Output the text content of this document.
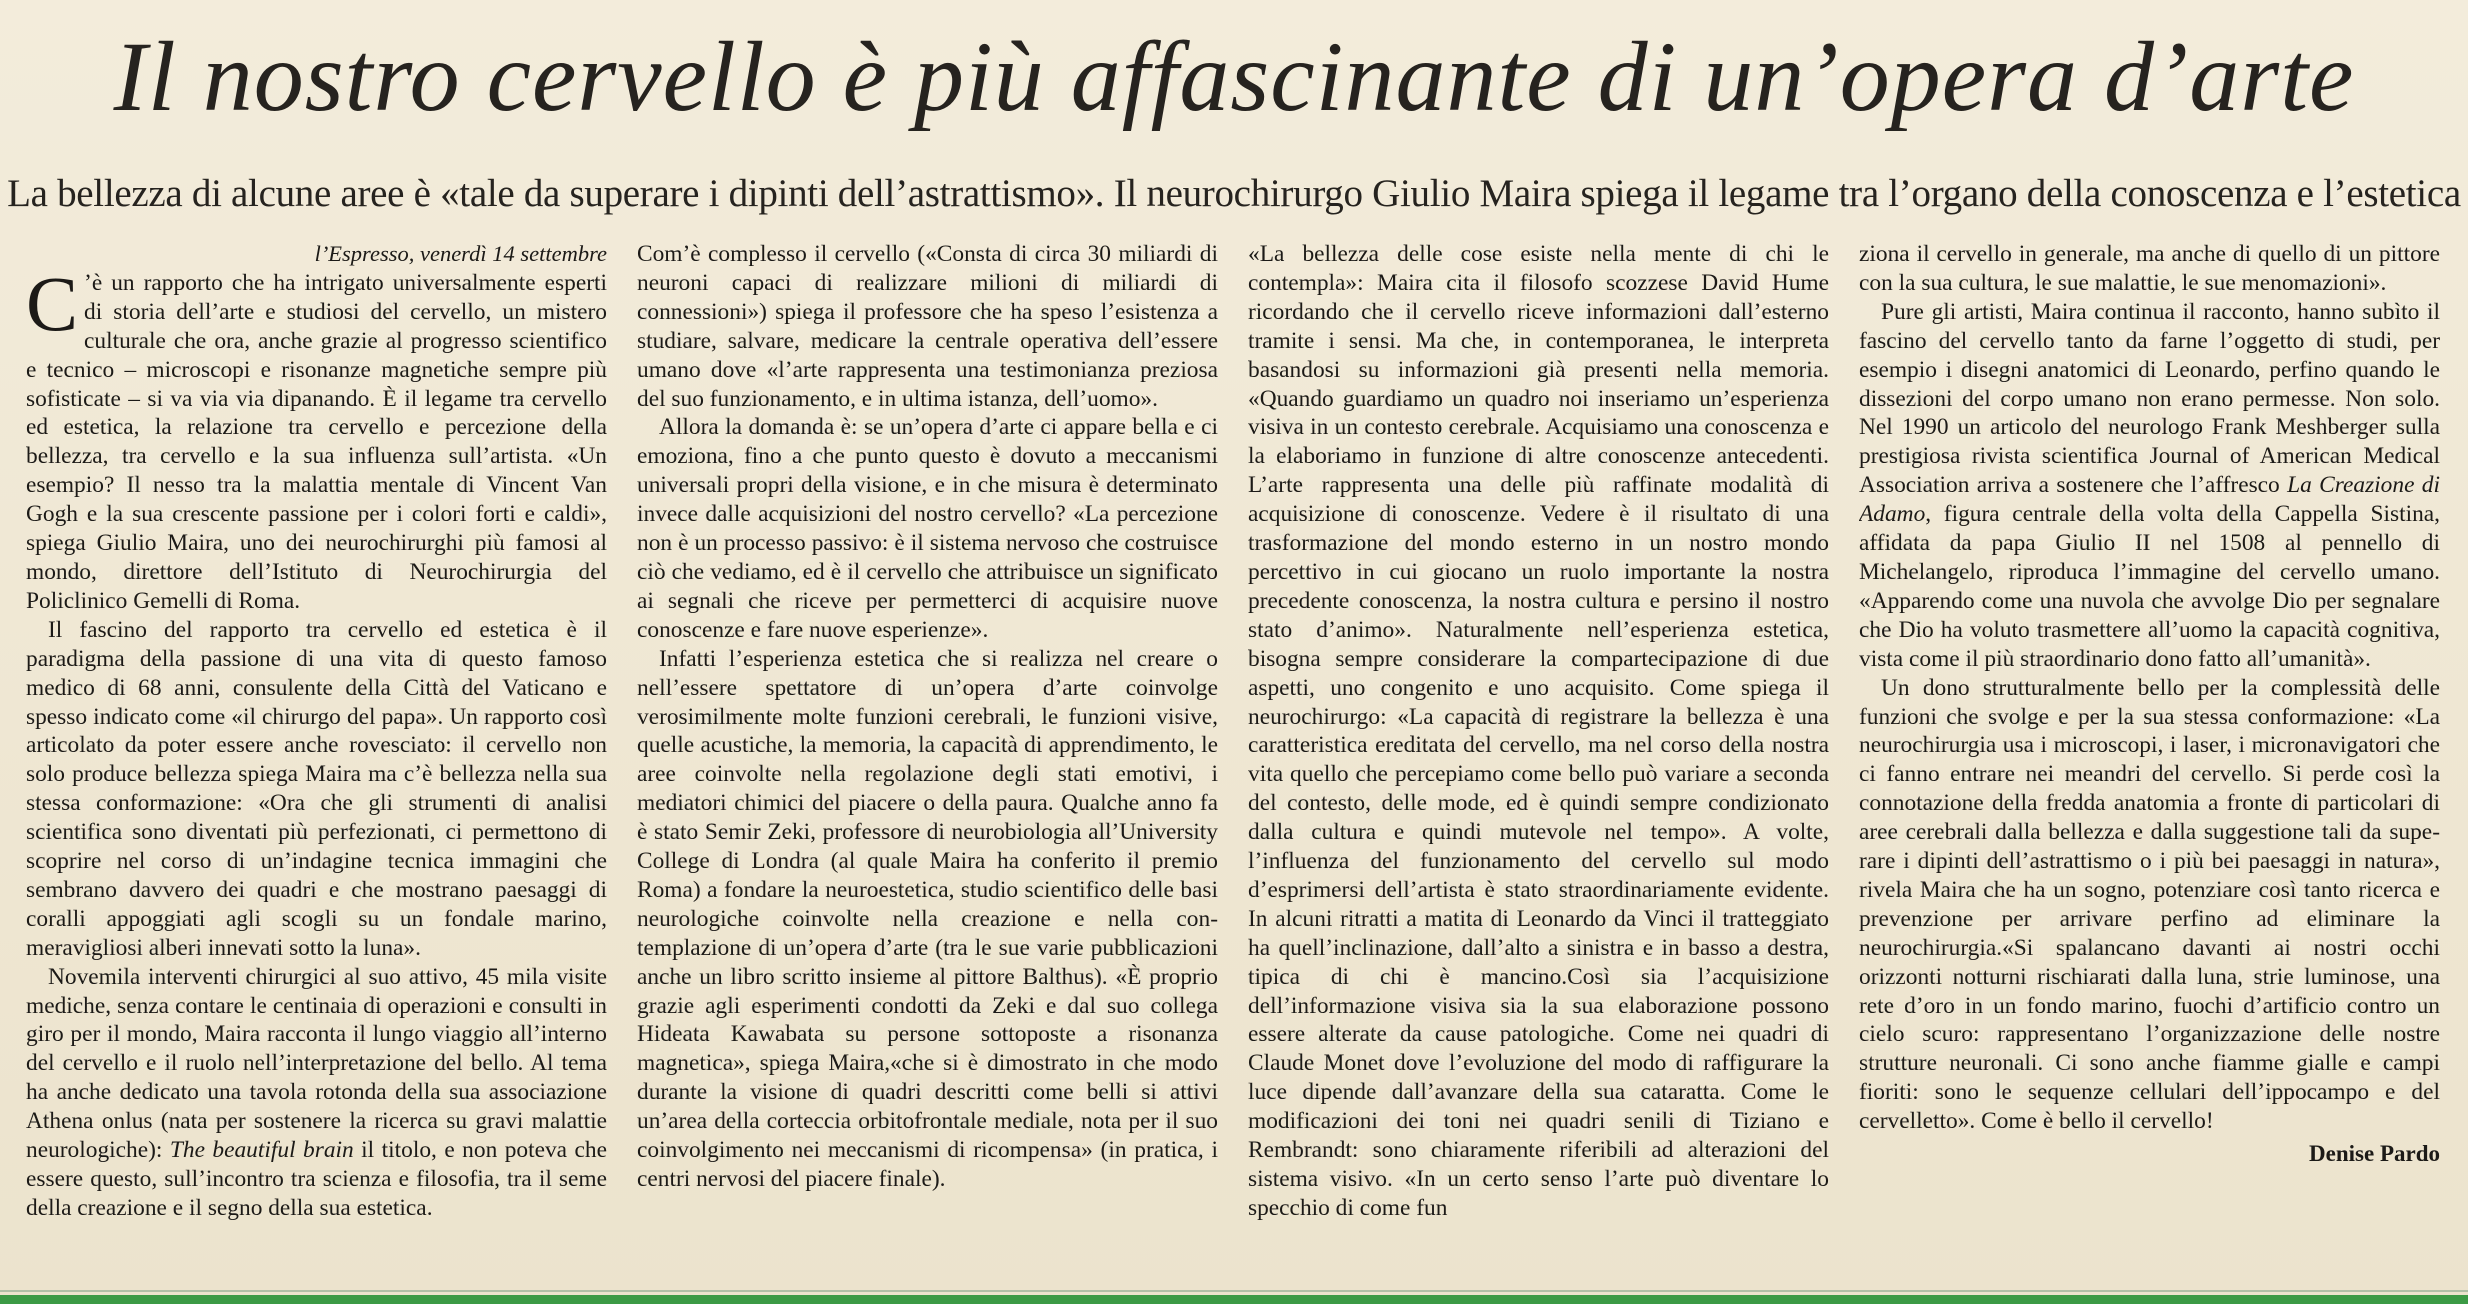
Il nostro cervello è più affascinante di un’opera d’arte
La bellezza di alcune aree è «tale da superare i dipinti dell’astrattismo». Il neurochirurgo Giulio Maira spiega il legame tra l’organo della conoscenza e l’estetica

l’Espresso, venerdì 14 settembre

C ’è un rapporto che ha intrigato universalmente esperti di storia dell’arte e studiosi del cervello, un mistero culturale che ora, anche grazie al progresso scientifico e tecnico – microscopi e risonanze magnetiche sempre più sofisticate – si va via via dipanando. È il legame tra cervello ed estetica, la relazione tra cervello e percezione della bellezza, tra cervello e la sua influenza sull’artista. «Un esempio? Il nesso tra la malattia mentale di Vincent Van Gogh e la sua crescente passione per i colori forti e caldi», spiega Giulio Maira, uno dei neurochirurghi più famosi al mondo, direttore dell’Istituto di Neurochirurgia del Policlinico Gemelli di Roma.

Il fascino del rapporto tra cervello ed estetica è il paradigma della passione di una vita di questo famoso medico di 68 anni, consulente della Città del Vaticano e spesso indicato come «il chirurgo del papa». Un rapporto così articolato da poter essere anche rovesciato: il cervello non solo produce bellezza spiega Maira ma c’è bellezza nella sua stessa conformazione: «Ora che gli strumenti di analisi scientifica sono diventati più perfezionati, ci permettono di scoprire nel corso di un’indagine tecnica immagini che sembrano davvero dei quadri e che mostrano paesaggi di coralli appoggiati agli scogli su un fondale marino, meravigliosi alberi innevati sotto la luna».

Novemila interventi chirurgici al suo attivo, 45 mila visite mediche, senza contare le centinaia di operazioni e consulti in giro per il mondo, Maira racconta il lungo viaggio all’interno del cervello e il ruolo nell’interpretazione del bello. Al tema ha anche dedicato una tavola rotonda della sua associazione Athena onlus (nata per sostenere la ricerca su gravi malattie neurologiche): The beautiful brain il titolo, e non poteva che essere questo, sull’incontro tra scienza e filosofia, tra il seme della creazione e il segno della sua estetica.

Com’è complesso il cervello («Consta di circa 30 miliardi di neuroni capaci di realizzare milioni di miliardi di connessioni») spiega il professore che ha speso l’esistenza a studiare, salvare, medicare la centrale operativa dell’essere umano dove «l’arte rappresenta una testimonianza preziosa del suo funzionamento, e in ultima istanza, dell’uomo».

Allora la domanda è: se un’opera d’arte ci appare bella e ci emoziona, fino a che punto questo è dovuto a meccanismi universali propri della visione, e in che misura è determinato invece dalle acquisizioni del nostro cervello? «La percezione non è un processo passivo: è il sistema nervoso che costruisce ciò che vediamo, ed è il cervello che attribuisce un significato ai segnali che riceve per permetterci di acquisire nuove conoscenze e fare nuove esperienze».

Infatti l’esperienza estetica che si realizza nel creare o nell’essere spettatore di un’opera d’arte coinvolge verosimilmente molte funzioni cerebrali, le funzioni visive, quelle acustiche, la memoria, la capacità di apprendimento, le aree coinvolte nella regolazione degli stati emotivi, i mediatori chimici del piacere o della paura. Qualche anno fa è stato Semir Zeki, professore di neurobiologia all’University College di Londra (al quale Maira ha conferito il premio Roma) a fondare la neuroestetica, studio scientifico delle basi neurologiche coinvolte nella creazione e nella contemplazione di un’opera d’arte (tra le sue varie pubblicazioni anche un libro scritto insieme al pittore Balthus). «È proprio grazie agli esperimenti condotti da Zeki e dal suo collega Hideata Kawabata su persone sottoposte a risonanza magnetica», spiega Maira,«che si è dimostrato in che modo durante la visione di quadri descritti come belli si attivi un’area della corteccia orbitofrontale mediale, nota per il suo coinvolgimento nei meccanismi di ricompensa» (in pratica, i centri nervosi del piacere finale).

«La bellezza delle cose esiste nella mente di chi le contempla»: Maira cita il filosofo scozzese David Hume ricordando che il cervello riceve informazioni dall’esterno tramite i sensi. Ma che, in contemporanea, le interpreta basandosi su informazioni già presenti nella memoria. «Quando guardiamo un quadro noi inseriamo un’esperienza visiva in un contesto cerebrale. Acquisiamo una conoscenza e la elaboriamo in funzione di altre conoscenze antecedenti. L’arte rappresenta una delle più raffinate modalità di acquisizione di conoscenze. Vedere è il risultato di una trasformazione del mondo esterno in un nostro mondo percettivo in cui giocano un ruolo importante la nostra precedente conoscenza, la nostra cultura e persino il nostro stato d’animo». Naturalmente nell’esperienza estetica, bisogna sempre considerare la compartecipazione di due aspetti, uno congenito e uno acquisito. Come spiega il neurochirurgo: «La capacità di registrare la bellezza è una caratteristica ereditata del cervello, ma nel corso della nostra vita quello che percepiamo come bello può variare a seconda del contesto, delle mode, ed è quindi sempre condizionato dalla cultura e quindi mutevole nel tempo». A volte, l’influenza del funzionamento del cervello sul modo d’esprimersi dell’artista è stato straordinariamente evidente. In alcuni ritratti a matita di Leonardo da Vinci il tratteggiato ha quell’inclinazione, dall’alto a sinistra e in basso a destra, tipica di chi è mancino.Così sia l’acquisizione dell’informazione visiva sia la sua elaborazione possono essere alterate da cause patologiche. Come nei quadri di Claude Monet dove l’evoluzione del modo di raffigurare la luce dipende dall’avanzare della sua cataratta. Come le modificazioni dei toni nei quadri senili di Tiziano e Rembrandt: sono chiaramente riferibili ad alterazioni del sistema visivo. «In un certo senso l’arte può diventare lo specchio di come fun

ziona il cervello in generale, ma anche di quello di un pittore con la sua cultura, le sue malattie, le sue menomazioni».

Pure gli artisti, Maira continua il racconto, hanno subìto il fascino del cervello tanto da farne l’oggetto di studi, per esempio i disegni anatomici di Leonardo, perfino quando le dissezioni del corpo umano non erano permesse. Non solo. Nel 1990 un articolo del neurologo Frank Meshberger sulla prestigiosa rivista scientifica Journal of American Medical Association arriva a sostenere che l’affresco La Creazione di Adamo, figura centrale della volta della Cappella Sistina, affidata da papa Giulio II nel 1508 al pennello di Michelangelo, riproduca l’immagine del cervello umano. «Apparendo come una nuvola che avvolge Dio per segnalare che Dio ha voluto trasmettere all’uomo la capacità cognitiva, vista come il più straordinario dono fatto all’umanità».

Un dono strutturalmente bello per la complessità delle funzioni che svolge e per la sua stessa conformazione: «La neurochirurgia usa i microscopi, i laser, i micronavigatori che ci fanno entrare nei meandri del cervello. Si perde così la connotazione della fredda anatomia a fronte di particolari di aree cerebrali dalla bellezza e dalla suggestione tali da superare i dipinti dell’astrattismo o i più bei paesaggi in natura», rivela Maira che ha un sogno, potenziare così tanto ricerca e prevenzione per arrivare perfino ad eliminare la neurochirurgia.«Si spalancano davanti ai nostri occhi orizzonti notturni rischiarati dalla luna, strie luminose, una rete d’oro in un fondo marino, fuochi d’artificio contro un cielo scuro: rappresentano l’organizzazione delle nostre strutture neuronali. Ci sono anche fiamme gialle e campi fioriti: sono le sequenze cellulari dell’ippocampo e del cervelletto». Come è bello il cervello!

Denise Pardo
